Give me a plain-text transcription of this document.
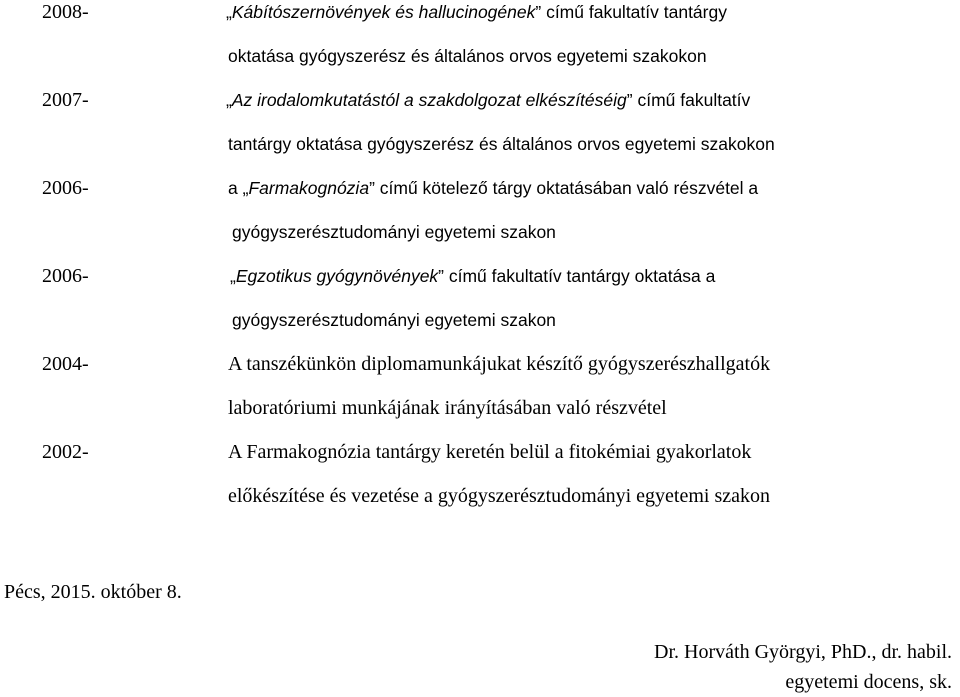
2008-	„Kábítószernövények és hallucinogének” című fakultatív tantárgy
oktatása gyógyszerész és általános orvos egyetemi szakokon
2007-	„Az irodalomkutatástól a szakdolgozat elkészítéséig” című fakultatív
tantárgy oktatása gyógyszerész és általános orvos egyetemi szakokon
2006-	a „Farmakognózia” című kötelező tárgy oktatásában való részvétel a
gyógyszerésztudományi egyetemi szakon
2006-	„Egzotikus gyógynövények” című fakultatív tantárgy oktatása a
gyógyszerésztudományi egyetemi szakon
2004-	A tanszékünkön diplomamunkájukat készítő gyógyszerészhallgatók
laboratóriumi munkájának irányításában való részvétel
2002-	A Farmakognózia tantárgy keretén belül a fitokémiai gyakorlatok
előkészítése és vezetése a gyógyszerésztudományi egyetemi szakon
Pécs, 2015. október 8.
Dr. Horváth Györgyi, PhD., dr. habil.
egyetemi docens, sk.
